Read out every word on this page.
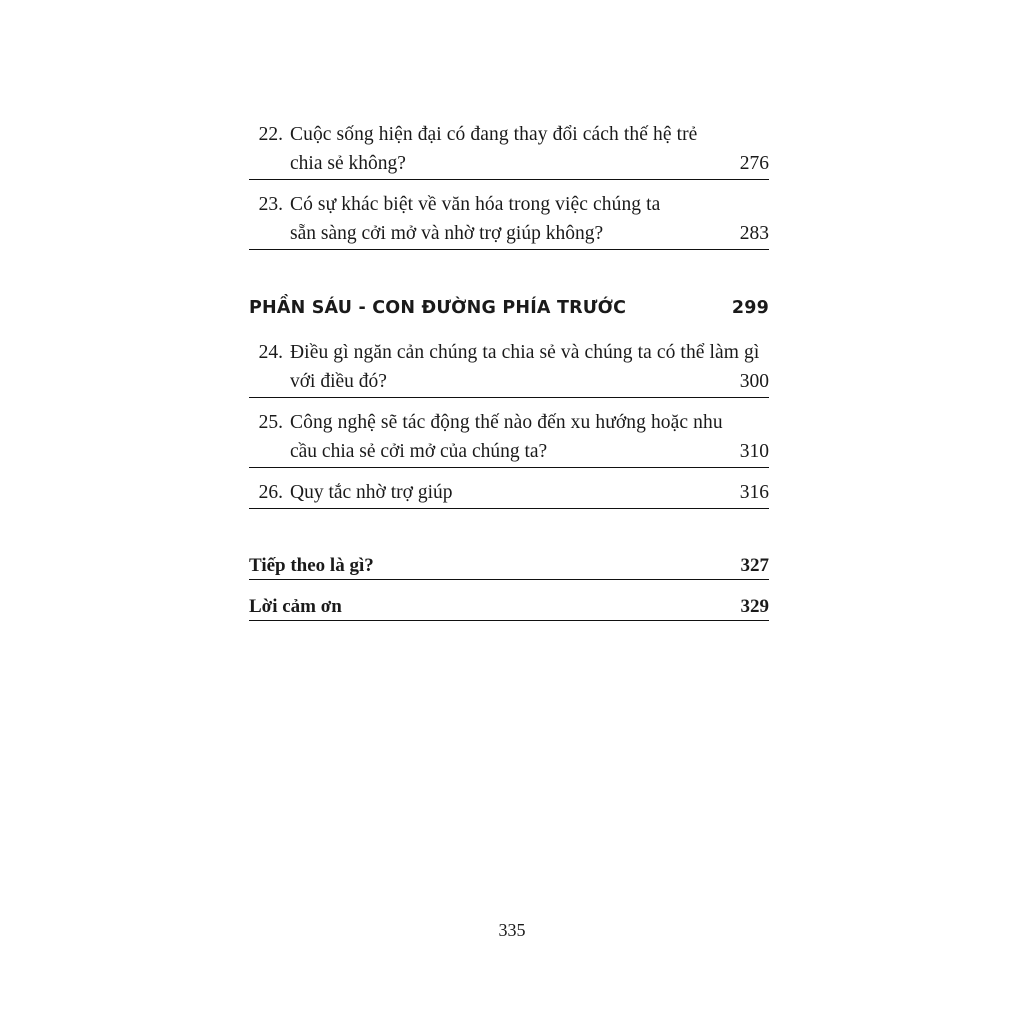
22. Cuộc sống hiện đại có đang thay đổi cách thế hệ trẻ
chia sẻ không?	276
23. Có sự khác biệt về văn hóa trong việc chúng ta
sẵn sàng cởi mở và nhờ trợ giúp không?	283
PHẦN SÁU - CON ĐƯỜNG PHÍA TRƯỚC	299
24. Điều gì ngăn cản chúng ta chia sẻ và chúng ta có thể làm gì
với điều đó?	300
25. Công nghệ sẽ tác động thế nào đến xu hướng hoặc nhu
cầu chia sẻ cởi mở của chúng ta?	310
26. Quy tắc nhờ trợ giúp	316
Tiếp theo là gì?	327
Lời cảm ơn	329
335
